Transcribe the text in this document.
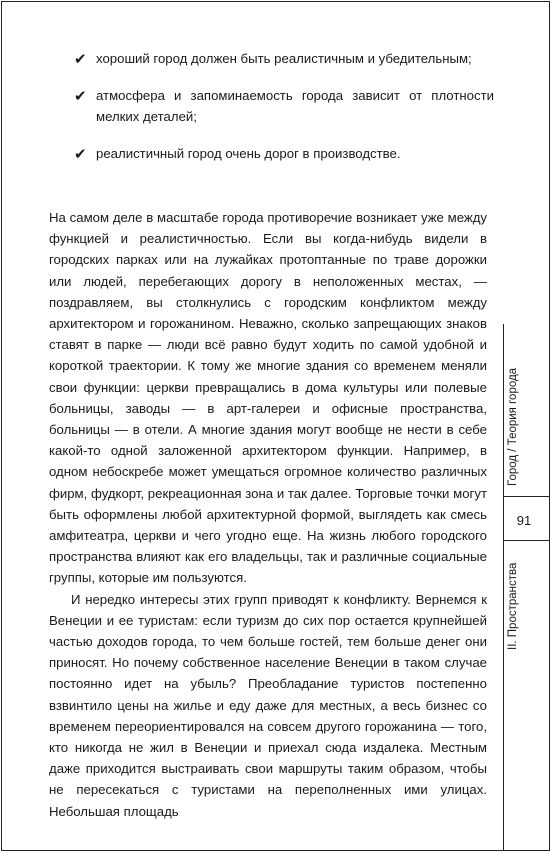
✔ хороший город должен быть реалистичным и убедительным;
✔ атмосфера и запоминаемость города зависит от плотности мелких деталей;
✔ реалистичный город очень дорог в производстве.

На самом деле в масштабе города противоречие возникает уже между функцией и реалистичностью. Если вы когда-нибудь видели в городских парках или на лужайках протоптанные по траве дорожки или людей, перебегающих дорогу в неположенных местах, — поздравляем, вы столкнулись с городским конфликтом между архитектором и горожанином. Неважно, сколько запрещающих знаков ставят в парке — люди всё равно будут ходить по самой удобной и короткой траектории. К тому же многие здания со временем меняли свои функции: церкви превращались в дома культуры или полевые больницы, заводы — в арт-галереи и офисные пространства, больницы — в отели. А многие здания могут вообще не нести в себе какой-то одной заложенной архитектором функции. Например, в одном небоскребе может умещаться огромное количество различных фирм, фудкорт, рекреационная зона и так далее. Торговые точки могут быть оформлены любой архитектурной формой, выглядеть как смесь амфитеатра, церкви и чего угодно еще. На жизнь любого городского пространства влияют как его владельцы, так и различные социальные группы, которые им пользуются.

И нередко интересы этих групп приводят к конфликту. Вернемся к Венеции и ее туристам: если туризм до сих пор остается крупнейшей частью доходов города, то чем больше гостей, тем больше денег они приносят. Но почему собственное население Венеции в таком случае постоянно идет на убыль? Преобладание туристов постепенно взвинтило цены на жилье и еду даже для местных, а весь бизнес со временем переориентировался на совсем другого горожанина — того, кто никогда не жил в Венеции и приехал сюда издалека. Местным даже приходится выстраивать свои маршруты таким образом, чтобы не пересекаться с туристами на переполненных ими улицах. Небольшая площадь

Город / Теория города
91
II. Пространства
